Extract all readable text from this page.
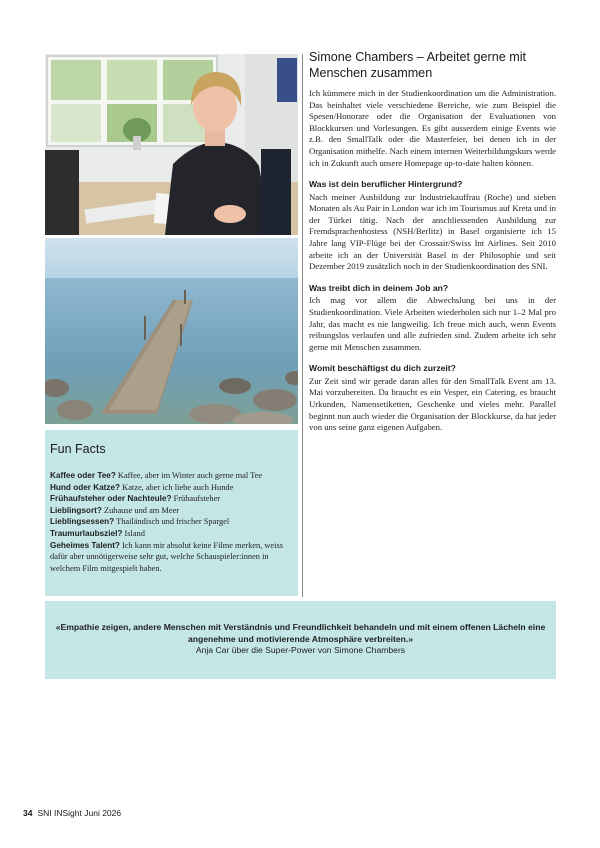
Fun Facts

Kaffee oder Tee? Kaffee, aber im Winter auch gerne mal Tee

Hund oder Katze? Katze, aber ich liebe auch Hunde

Frühaufsteher oder Nachteule? Frühaufsteher

Lieblingsort? Zuhause und am Meer

Lieblingsessen? Thailändisch und frischer Spargel

Traumurlaubsziel? Island

Geheimes Talent? Ich kann mir absolut keine Filme merken, weiss dafür aber unnötigerweise sehr gut, welche Schauspieler:innen in welchem Film mitgespielt haben.

Simone Chambers – Arbeitet gerne mit Menschen zusammen

Ich kümmere mich in der Studienkoordination um die Administration. Das beinhaltet viele verschiedene Bereiche, wie zum Beispiel die Spesen/Honorare oder die Organisation der Evaluationen von Blockkursen und Vorlesungen. Es gibt ausserdem einige Events wie z.B. den SmallTalk oder die Masterfeier, bei denen ich in der Organisation mithelfe. Nach einem internen Weiterbildungskurs werde ich in Zukunft auch unsere Homepage up-to-date halten können.

Was ist dein beruflicher Hintergrund?

Nach meiner Ausbildung zur Industriekauffrau (Roche) und sieben Monaten als Au Pair in London war ich im Tourismus auf Kreta und in der Türkei tätig. Nach der anschliessenden Ausbildung zur Fremdsprachenhostess (NSH/Berlitz) in Basel organisierte ich 15 Jahre lang VIP-Flüge bei der Crossair/Swiss Int Airlines. Seit 2010 arbeite ich an der Universität Basel in der Philosophie und seit Dezember 2019 zusätzlich noch in der Studienkoordination des SNI.

Was treibt dich in deinem Job an?

Ich mag vor allem die Abwechslung bei uns in der Studienkoordination. Viele Arbeiten wiederholen sich nur 1–2 Mal pro Jahr, das macht es nie langweilig. Ich freue mich auch, wenn Events reibungslos verlaufen und alle zufrieden sind. Zudem arbeite ich sehr gerne mit Menschen zusammen.

Womit beschäftigst du dich zurzeit?

Zur Zeit sind wir gerade daran alles für den SmallTalk Event am 13. Mai vorzubereiten. Da braucht es ein Vesper, ein Catering, es braucht Urkunden, Namensetiketten, Geschenke und vieles mehr. Parallel beginnt nun auch wieder die Organisation der Blockkurse, da hat jeder von uns seine ganz eigenen Aufgaben.

«Empathie zeigen, andere Menschen mit Verständnis und Freundlichkeit behandeln und mit einem offenen Lächeln eine angenehme und motivierende Atmosphäre verbreiten.»

Anja Car über die Super-Power von Simone Chambers

34 SNI INSight Juni 2026
